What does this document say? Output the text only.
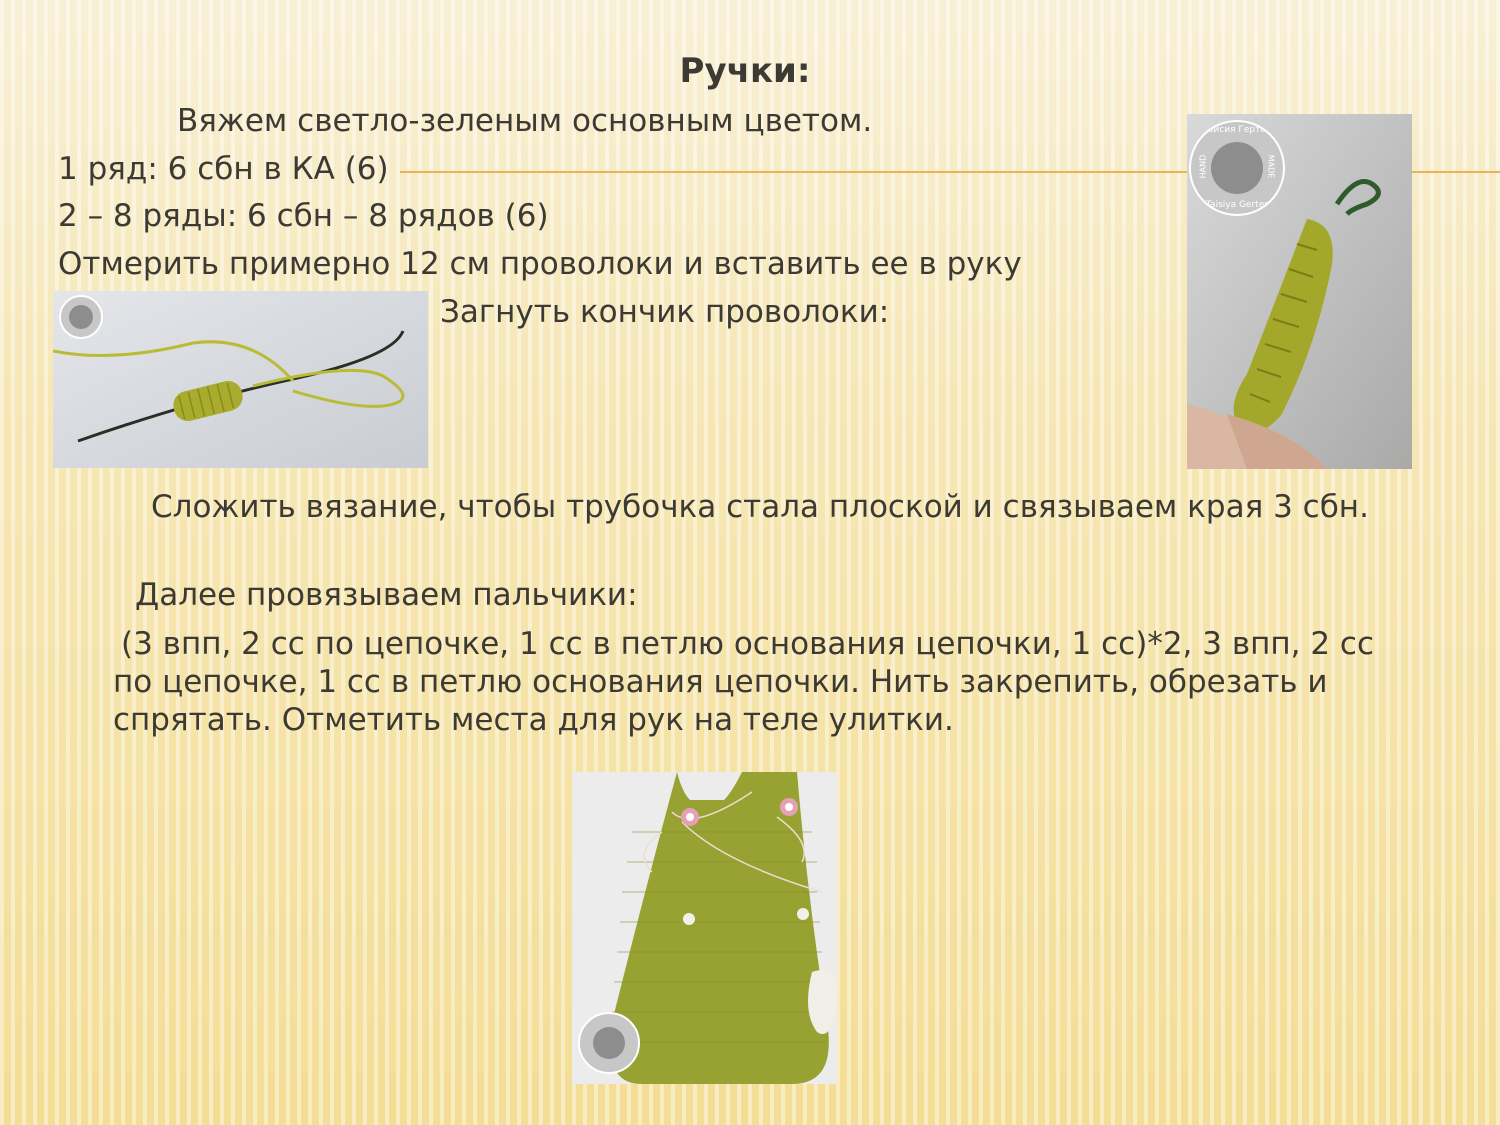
Ручки:
Вяжем светло-зеленым основным цветом.
1 ряд: 6 сбн в КА (6)
2 – 8 ряды: 6 сбн – 8 рядов (6)
Отмерить примерно 12 см проволоки и вставить ее в руку
Загнуть кончик проволоки:
Сложить вязание, чтобы трубочка стала плоской и связываем края 3 сбн.
Далее провязываем пальчики:
(3 впп, 2 сс по цепочке, 1 сс в петлю основания цепочки, 1 сс)*2, 3 впп, 2 сс по цепочке, 1 сс в петлю основания цепочки. Нить закрепить, обрезать и спрятать. Отметить места для рук на теле улитки.
Таисия Гертер
Taisiya Gerter
HAND	MADE
